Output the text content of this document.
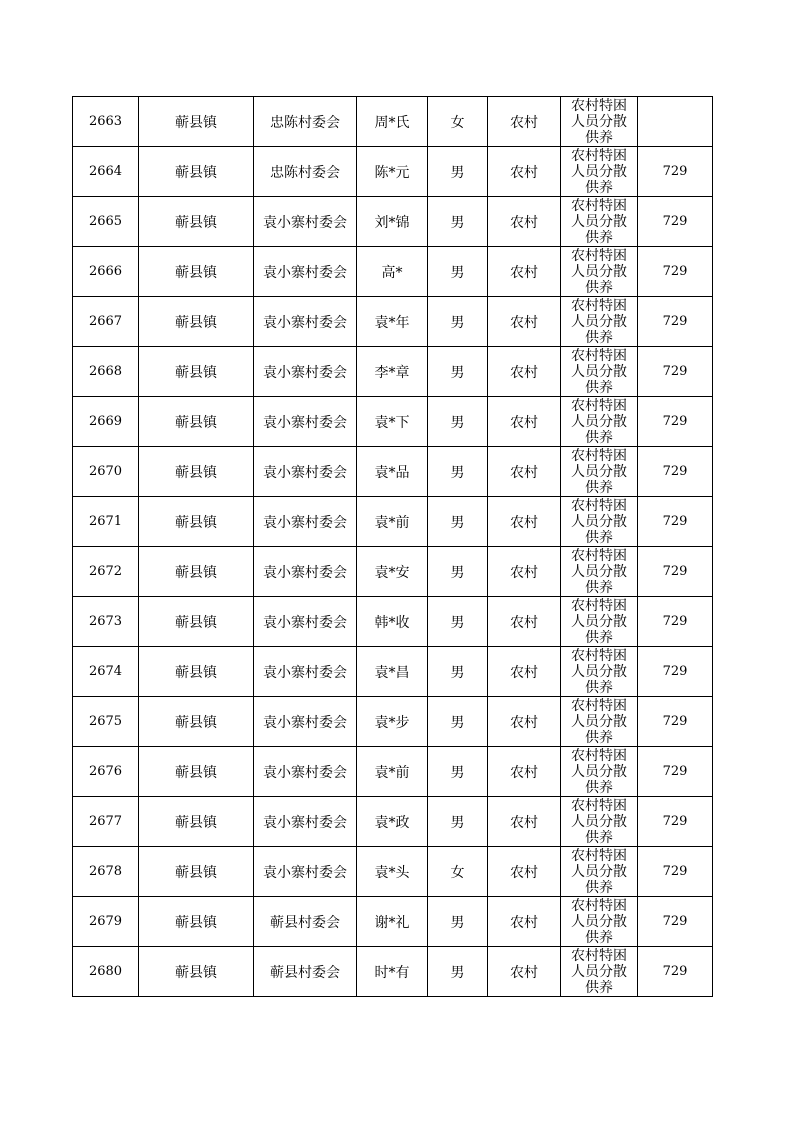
2663	蕲县镇	忠陈村委会	周*氏	女	农村	农村特困人员分散供养	

2664	蕲县镇	忠陈村委会	陈*元	男	农村	农村特困人员分散供养	729
2665	蕲县镇	袁小寨村委会	刘*锦	男	农村	农村特困人员分散供养	729
2666	蕲县镇	袁小寨村委会	高*	男	农村	农村特困人员分散供养	729
2667	蕲县镇	袁小寨村委会	袁*年	男	农村	农村特困人员分散供养	729
2668	蕲县镇	袁小寨村委会	李*章	男	农村	农村特困人员分散供养	729
2669	蕲县镇	袁小寨村委会	袁*下	男	农村	农村特困人员分散供养	729
2670	蕲县镇	袁小寨村委会	袁*品	男	农村	农村特困人员分散供养	729
2671	蕲县镇	袁小寨村委会	袁*前	男	农村	农村特困人员分散供养	729
2672	蕲县镇	袁小寨村委会	袁*安	男	农村	农村特困人员分散供养	729
2673	蕲县镇	袁小寨村委会	韩*收	男	农村	农村特困人员分散供养	729
2674	蕲县镇	袁小寨村委会	袁*昌	男	农村	农村特困人员分散供养	729
2675	蕲县镇	袁小寨村委会	袁*步	男	农村	农村特困人员分散供养	729
2676	蕲县镇	袁小寨村委会	袁*前	男	农村	农村特困人员分散供养	729
2677	蕲县镇	袁小寨村委会	袁*政	男	农村	农村特困人员分散供养	729
2678	蕲县镇	袁小寨村委会	袁*头	女	农村	农村特困人员分散供养	729
2679	蕲县镇	蕲县村委会	谢*礼	男	农村	农村特困人员分散供养	729
2680	蕲县镇	蕲县村委会	时*有	男	农村	农村特困人员分散供养	729
